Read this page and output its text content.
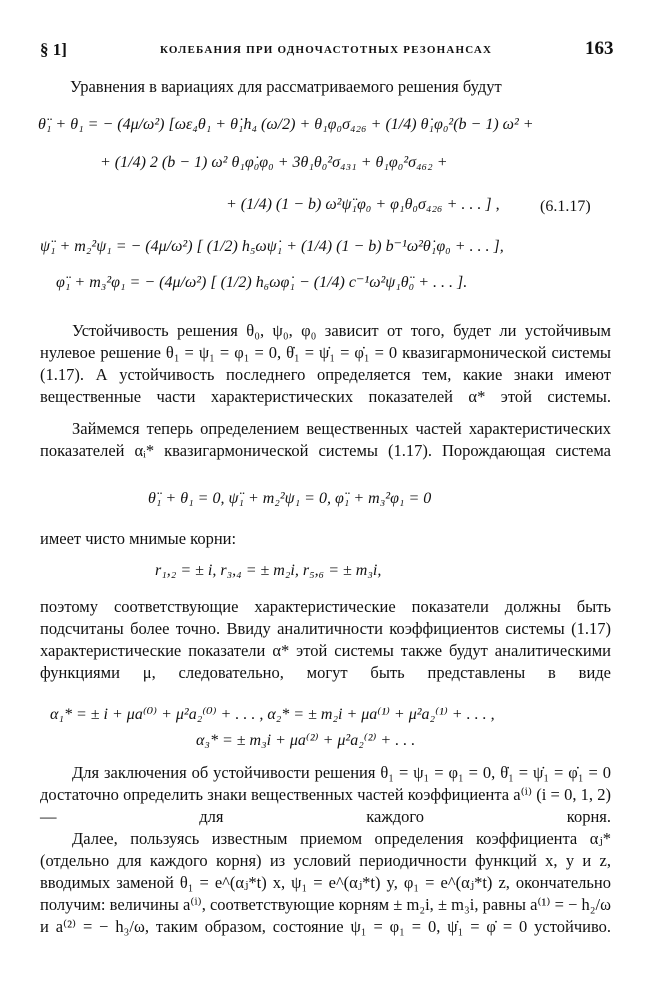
§ 1]	КОЛЕБАНИЯ ПРИ ОДНОЧАСТОТНЫХ РЕЗОНАНСАХ	163
Уравнения в вариациях для рассматриваемого решения будут
θ̈₁ + θ₁ = − (4μ/ω²) [ωε₄θ₁ + θ̇₁h₄ (ω/2) + θ₁φ₀σ₄₂₆ + (1/4) θ̇₁φ₀²(b − 1) ω² +
+ (1/4) 2 (b − 1) ω² θ₁φ̇₀φ₀ + 3θ₁θ₀²σ₄₃₁ + θ₁φ₀²σ₄₆₂ +
+ (1/4) (1 − b) ω²ψ̈₁φ₀ + φ₁θ₀σ₄₂₆ + . . . ] ,	(6.1.17)
ψ̈₁ + m₂²ψ₁ = − (4μ/ω²) [ (1/2) h₅ωψ̇₁ + (1/4) (1 − b) b⁻¹ω²θ̇₁φ₀ + . . . ],
φ̈₁ + m₃²φ₁ = − (4μ/ω²) [ (1/2) h₆ωφ̇₁ − (1/4) c⁻¹ω²ψ₁θ̈₀ + . . . ].
Устойчивость решения θ₀, ψ₀, φ₀ зависит от того, будет ли устойчивым нулевое решение θ₁ = ψ₁ = φ₁ = 0, θ̇₁ = ψ̇₁ = φ̇₁ = 0 квазигармонической системы (1.17). А устойчивость последнего определяется тем, какие знаки имеют вещественные части характеристических показателей α* этой системы.
Займемся теперь определением вещественных частей характеристических показателей αᵢ* квазигармонической системы (1.17). Порождающая система
θ̈₁ + θ₁ = 0, ψ̈₁ + m₂²ψ₁ = 0, φ̈₁ + m₃²φ₁ = 0
имеет чисто мнимые корни:
r₁,₂ = ± i, r₃,₄ = ± m₂i, r₅,₆ = ± m₃i,
поэтому соответствующие характеристические показатели должны быть подсчитаны более точно. Ввиду аналитичности коэффициентов системы (1.17) характеристические показатели α* этой системы также будут аналитическими функциями μ, следовательно, могут быть представлены в виде
α₁* = ± i + μa⁽⁰⁾ + μ²a₂⁽⁰⁾ + . . . , α₂* = ± m₂i + μa⁽¹⁾ + μ²a₂⁽¹⁾ + . . . ,
α₃* = ± m₃i + μa⁽²⁾ + μ²a₂⁽²⁾ + . . .
Для заключения об устойчивости решения θ₁ = ψ₁ = φ₁ = 0, θ̇₁ = ψ̇₁ = φ̇₁ = 0 достаточно определить знаки вещественных частей коэффициента a⁽ⁱ⁾ (i = 0, 1, 2) — для каждого корня.
Далее, пользуясь известным приемом определения коэффициента αⱼ* (отдельно для каждого корня) из условий периодичности функций x, y и z, вводимых заменой θ₁ = e^(αⱼ*t) x, ψ₁ = e^(αⱼ*t) y, φ₁ = e^(αⱼ*t) z, окончательно получим: величины a⁽ⁱ⁾, соответствующие корням ± m₂i, ± m₃i, равны a⁽¹⁾ = − h₂/ω и a⁽²⁾ = − h₃/ω, таким образом, состояние ψ₁ = φ₁ = 0, ψ̇₁ = φ̇ = 0 устойчиво.
